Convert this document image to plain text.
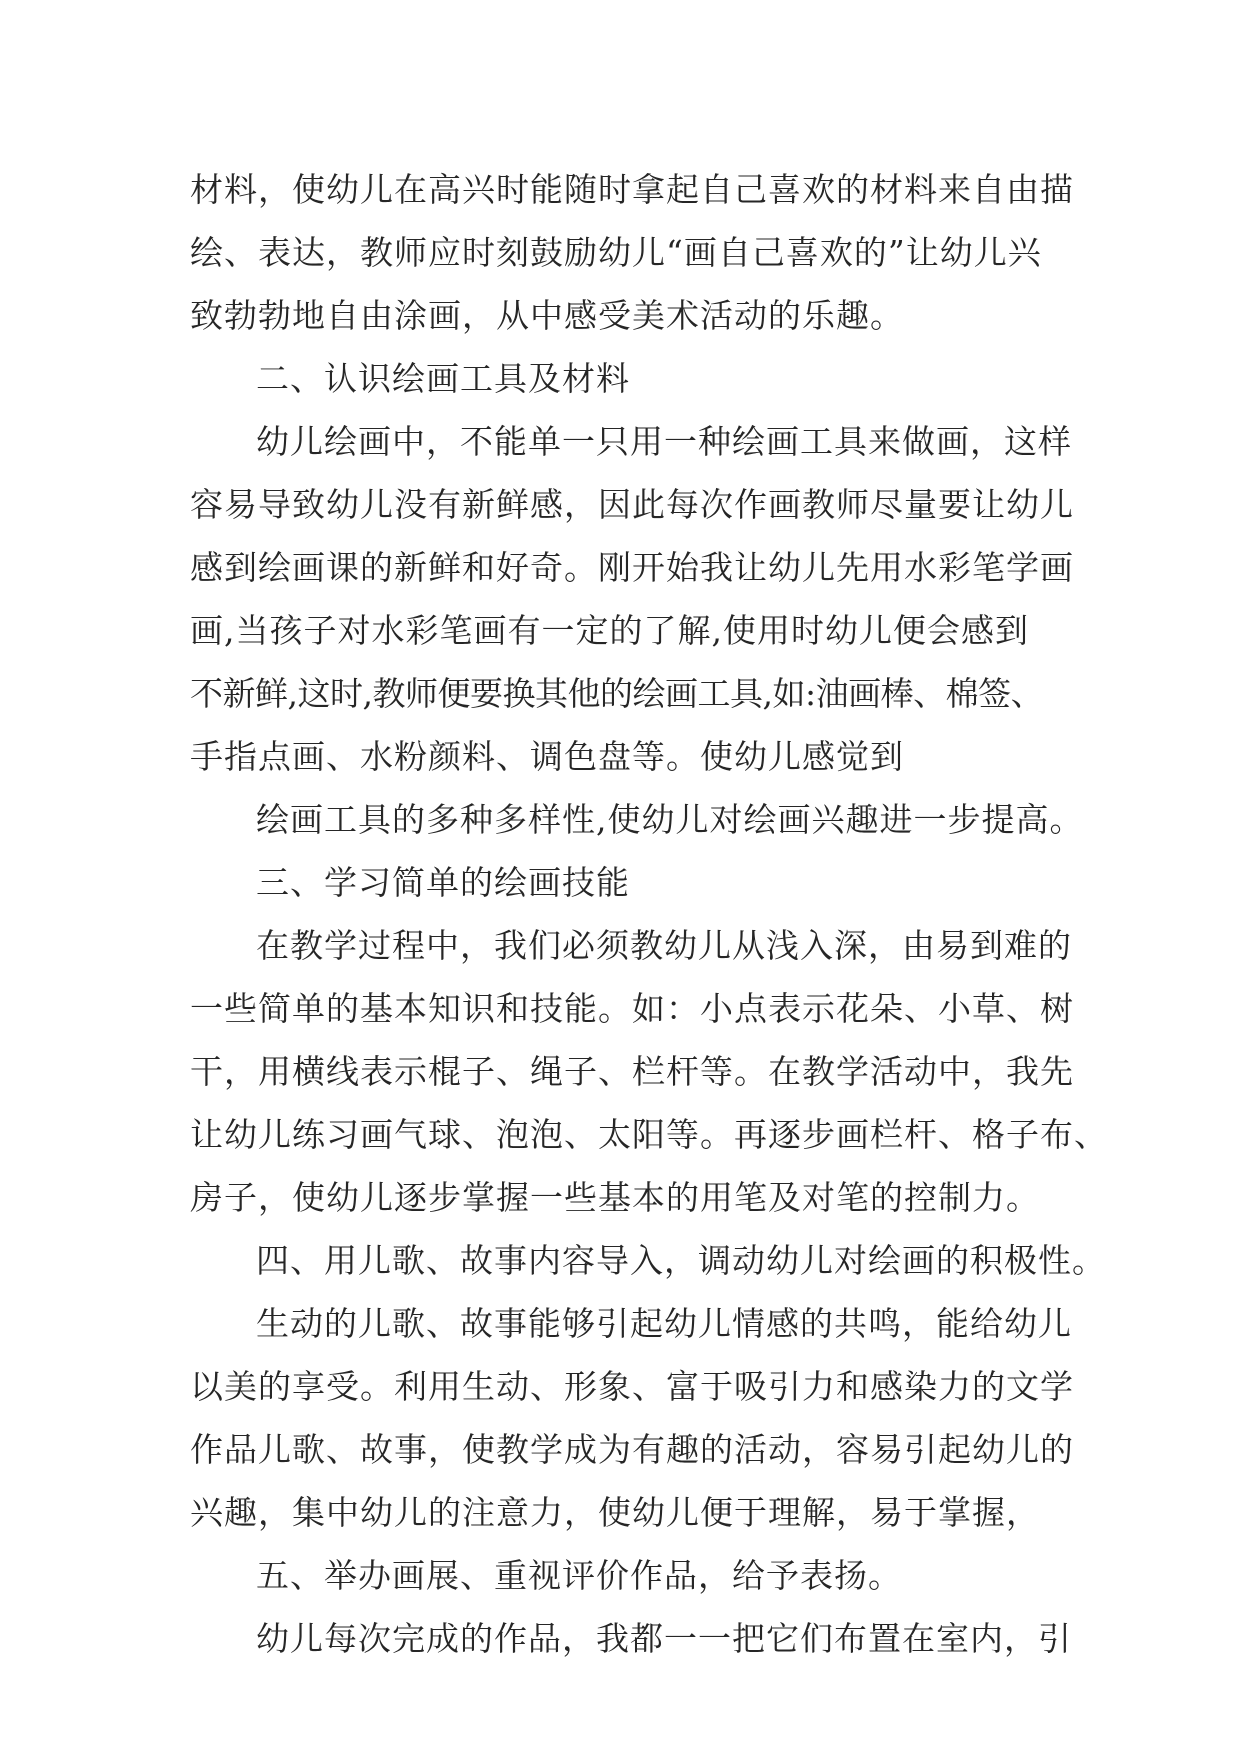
材料，使幼儿在高兴时能随时拿起自己喜欢的材料来自由描
绘、表达，教师应时刻鼓励幼儿“画自己喜欢的”让幼儿兴
致勃勃地自由涂画，从中感受美术活动的乐趣。
二、认识绘画工具及材料
幼儿绘画中，不能单一只用一种绘画工具来做画，这样
容易导致幼儿没有新鲜感，因此每次作画教师尽量要让幼儿
感到绘画课的新鲜和好奇。刚开始我让幼儿先用水彩笔学画
画,当孩子对水彩笔画有一定的了解,使用时幼儿便会感到
不新鲜,这时,教师便要换其他的绘画工具,如:油画棒、棉签、
手指点画、水粉颜料、调色盘等。使幼儿感觉到
绘画工具的多种多样性,使幼儿对绘画兴趣进一步提高。
三、学习简单的绘画技能
在教学过程中，我们必须教幼儿从浅入深，由易到难的
一些简单的基本知识和技能。如：小点表示花朵、小草、树
干，用横线表示棍子、绳子、栏杆等。在教学活动中，我先
让幼儿练习画气球、泡泡、太阳等。再逐步画栏杆、格子布、
房子，使幼儿逐步掌握一些基本的用笔及对笔的控制力。
四、用儿歌、故事内容导入，调动幼儿对绘画的积极性。
生动的儿歌、故事能够引起幼儿情感的共鸣，能给幼儿
以美的享受。利用生动、形象、富于吸引力和感染力的文学
作品儿歌、故事，使教学成为有趣的活动，容易引起幼儿的
兴趣，集中幼儿的注意力，使幼儿便于理解，易于掌握，
五、举办画展、重视评价作品，给予表扬。
幼儿每次完成的作品，我都一一把它们布置在室内，引
